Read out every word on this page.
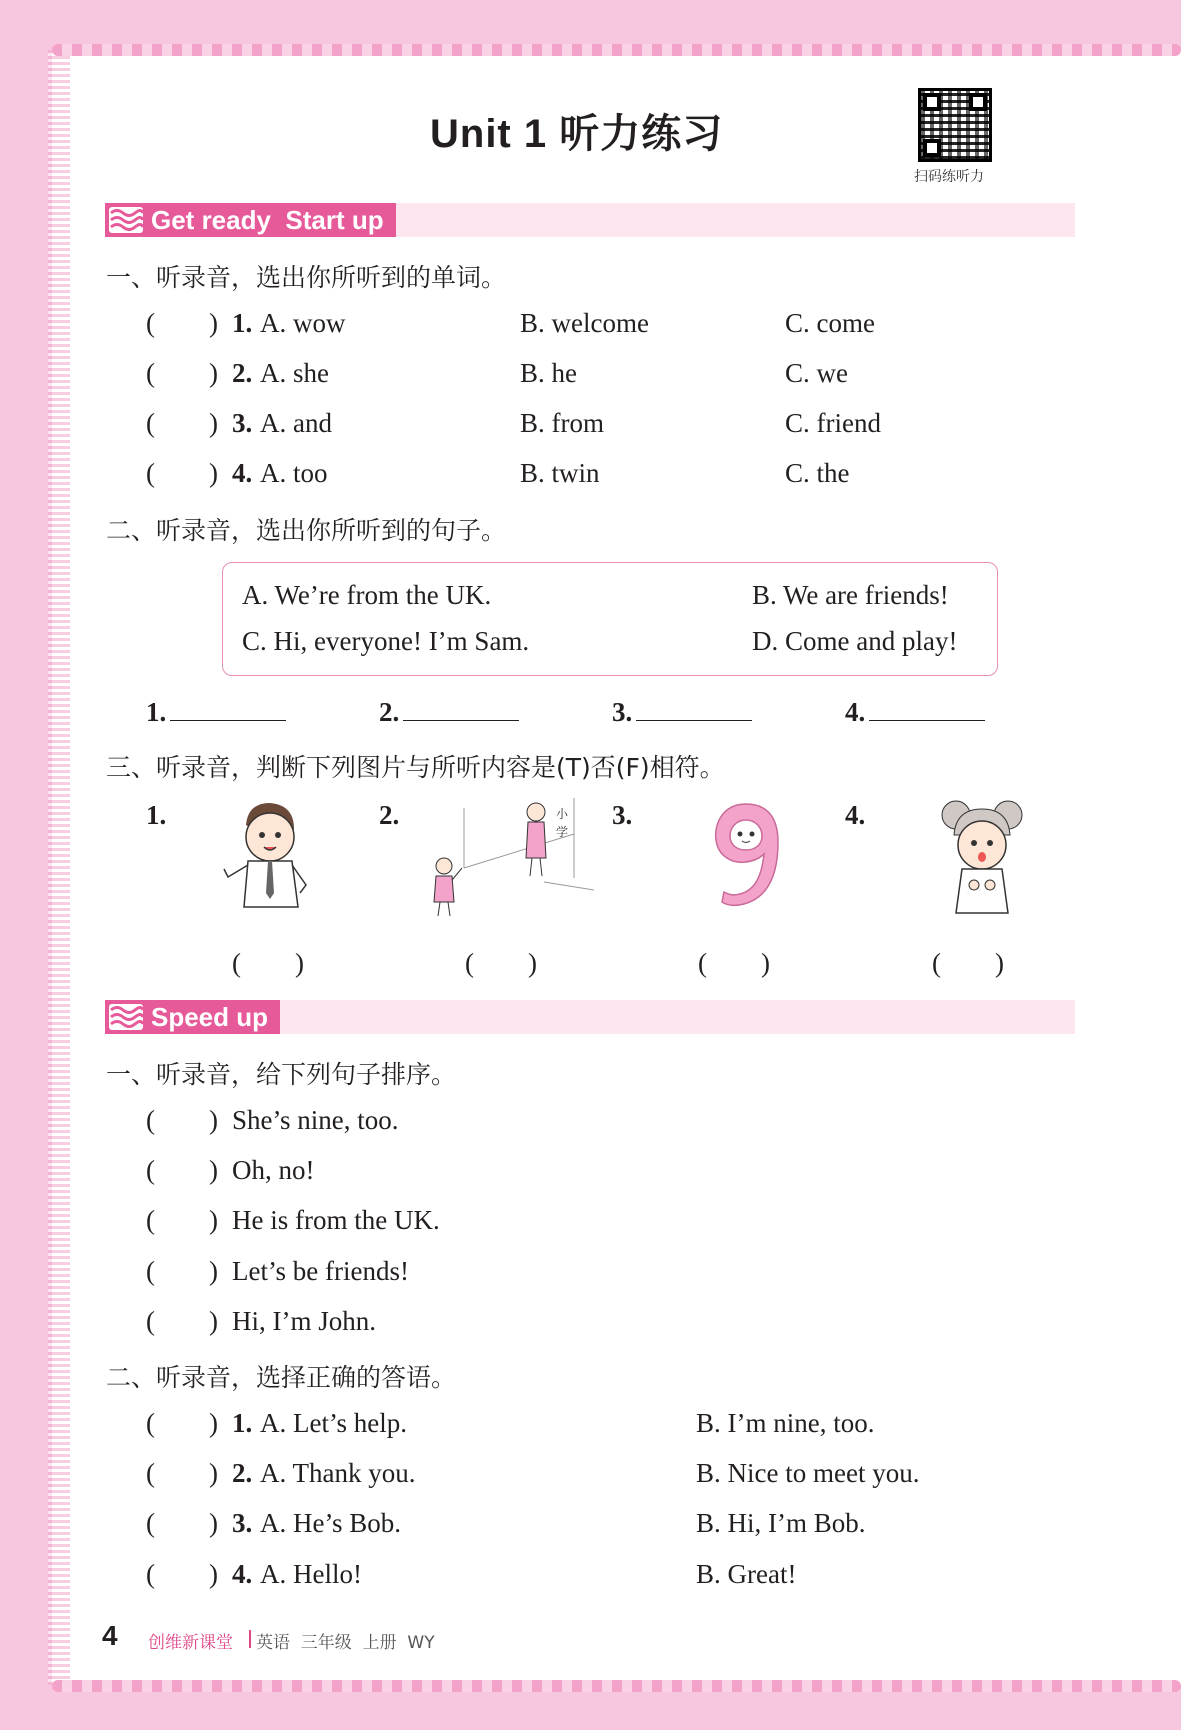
Unit 1 听力练习
扫码练听力
Get ready  Start up
一、听录音，选出你所听到的单词。
(  ) 1. A. wow	B. welcome	C. come
(  ) 2. A. she	B. he	C. we
(  ) 3. A. and	B. from	C. friend
(  ) 4. A. too	B. twin	C. the
二、听录音，选出你所听到的句子。
A. We’re from the UK.	B. We are friends!
C. Hi, everyone! I’m Sam.	D. Come and play!
1.	2.	3.	4.
三、听录音，判断下列图片与所听内容是(T)否(F)相符。
1.	2.	3.	4.
小
学
(  )	(  )	(  )	(  )
Speed up
一、听录音，给下列句子排序。
(  ) She’s nine, too.
(  ) Oh, no!
(  ) He is from the UK.
(  ) Let’s be friends!
(  ) Hi, I’m John.
二、听录音，选择正确的答语。
(  ) 1. A. Let’s help.	B. I’m nine, too.
(  ) 2. A. Thank you.	B. Nice to meet you.
(  ) 3. A. He’s Bob.	B. Hi, I’m Bob.
(  ) 4. A. Hello!	B. Great!
4 创维新课堂 英语  三年级  上册  WY
